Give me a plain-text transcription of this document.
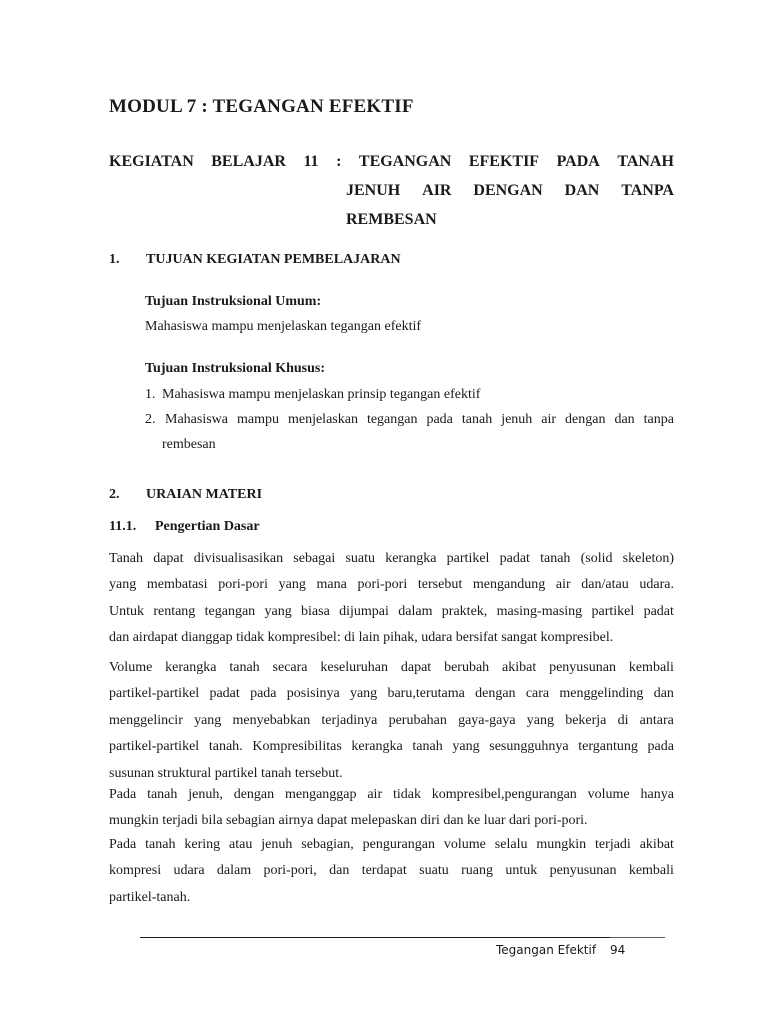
MODUL 7 : TEGANGAN EFEKTIF
KEGIATAN BELAJAR 11 : TEGANGAN EFEKTIF PADA TANAH
JENUH AIR DENGAN DAN TANPA
REMBESAN
1. TUJUAN KEGIATAN PEMBELAJARAN
Tujuan Instruksional Umum:
Mahasiswa mampu menjelaskan tegangan efektif
Tujuan Instruksional Khusus:
1. Mahasiswa mampu menjelaskan prinsip tegangan efektif
2. Mahasiswa mampu menjelaskan tegangan pada tanah jenuh air dengan dan tanpa
rembesan
2. URAIAN MATERI
11.1. Pengertian Dasar
Tanah dapat divisualisasikan sebagai suatu kerangka partikel padat tanah (solid skeleton)
yang membatasi pori-pori yang mana pori-pori tersebut mengandung air dan/atau udara.
Untuk rentang tegangan yang biasa dijumpai dalam praktek, masing-masing partikel padat
dan airdapat dianggap tidak kompresibel: di lain pihak, udara bersifat sangat kompresibel.
Volume kerangka tanah secara keseluruhan dapat berubah akibat penyusunan kembali
partikel-partikel padat pada posisinya yang baru,terutama dengan cara menggelinding dan
menggelincir yang menyebabkan terjadinya perubahan gaya-gaya yang bekerja di antara
partikel-partikel tanah. Kompresibilitas kerangka tanah yang sesungguhnya tergantung pada
susunan struktural partikel tanah tersebut.
Pada tanah jenuh, dengan menganggap air tidak kompresibel,pengurangan volume hanya
mungkin terjadi bila sebagian airnya dapat melepaskan diri dan ke luar dari pori-pori.
Pada tanah kering atau jenuh sebagian, pengurangan volume selalu mungkin terjadi akibat
kompresi udara dalam pori-pori, dan terdapat suatu ruang untuk penyusunan kembali
partikel-tanah.
Tegangan Efektif 94
